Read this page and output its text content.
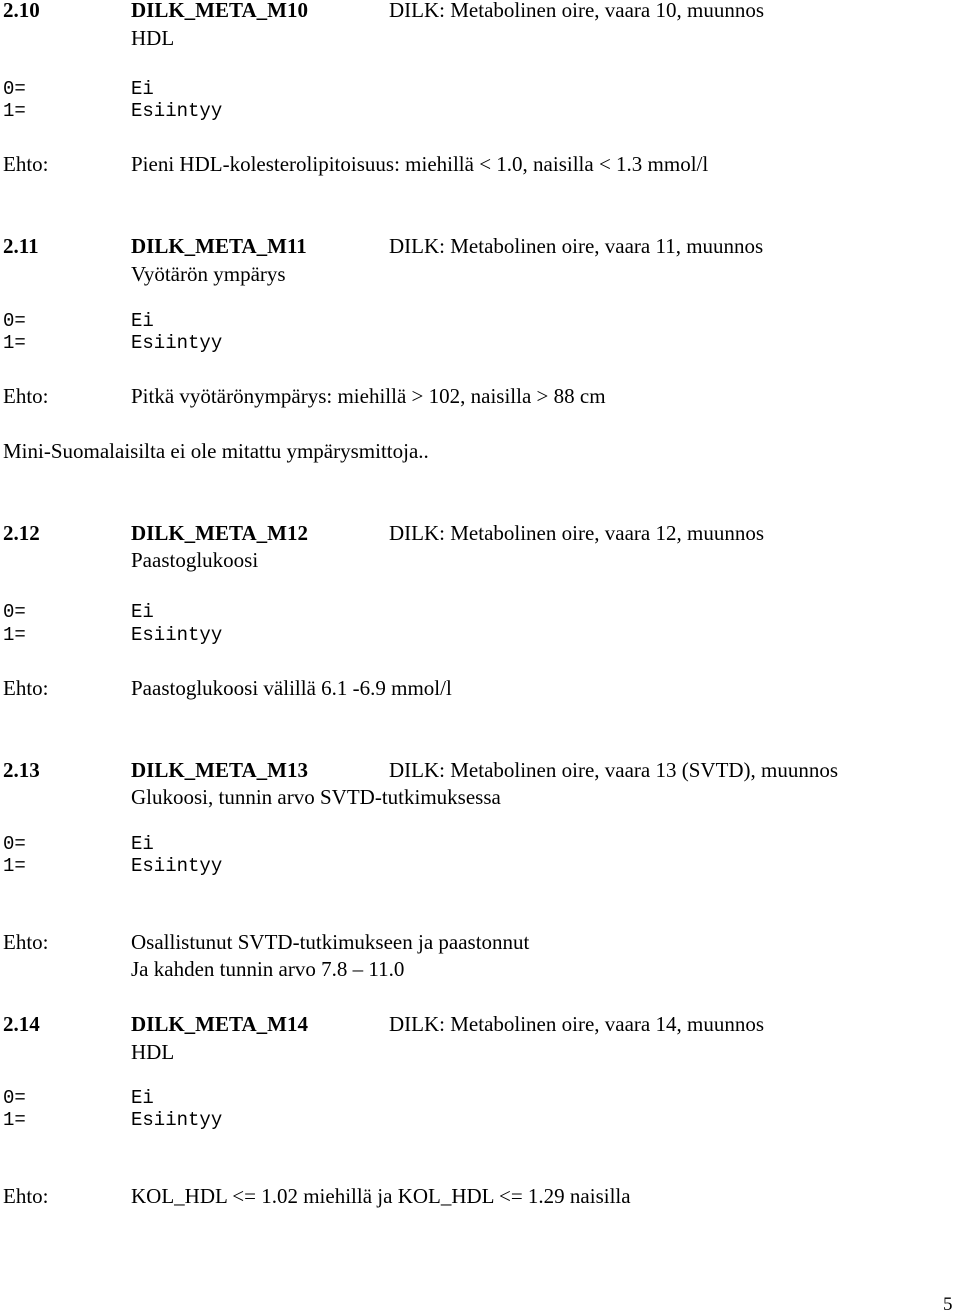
2.10	DILK_META_M10	DILK: Metabolinen oire, vaara 10, muunnos
HDL
0=	Ei
1=	Esiintyy
Ehto:	Pieni HDL-kolesterolipitoisuus: miehillä < 1.0, naisilla < 1.3 mmol/l
2.11	DILK_META_M11	DILK: Metabolinen oire, vaara 11, muunnos
Vyötärön ympärys
0=	Ei
1=	Esiintyy
Ehto:	Pitkä vyötärönympärys: miehillä > 102, naisilla > 88 cm
Mini-Suomalaisilta ei ole mitattu ympärysmittoja..
2.12	DILK_META_M12	DILK: Metabolinen oire, vaara 12, muunnos
Paastoglukoosi
0=	Ei
1=	Esiintyy
Ehto:	Paastoglukoosi välillä 6.1 -6.9 mmol/l
2.13	DILK_META_M13	DILK: Metabolinen oire, vaara 13 (SVTD), muunnos
Glukoosi, tunnin arvo SVTD-tutkimuksessa
0=	Ei
1=	Esiintyy
Ehto:	Osallistunut SVTD-tutkimukseen ja paastonnut
Ja kahden tunnin arvo 7.8 – 11.0
2.14	DILK_META_M14	DILK: Metabolinen oire, vaara 14, muunnos
HDL
0=	Ei
1=	Esiintyy
Ehto:	KOL_HDL <= 1.02 miehillä ja KOL_HDL <= 1.29 naisilla
5
